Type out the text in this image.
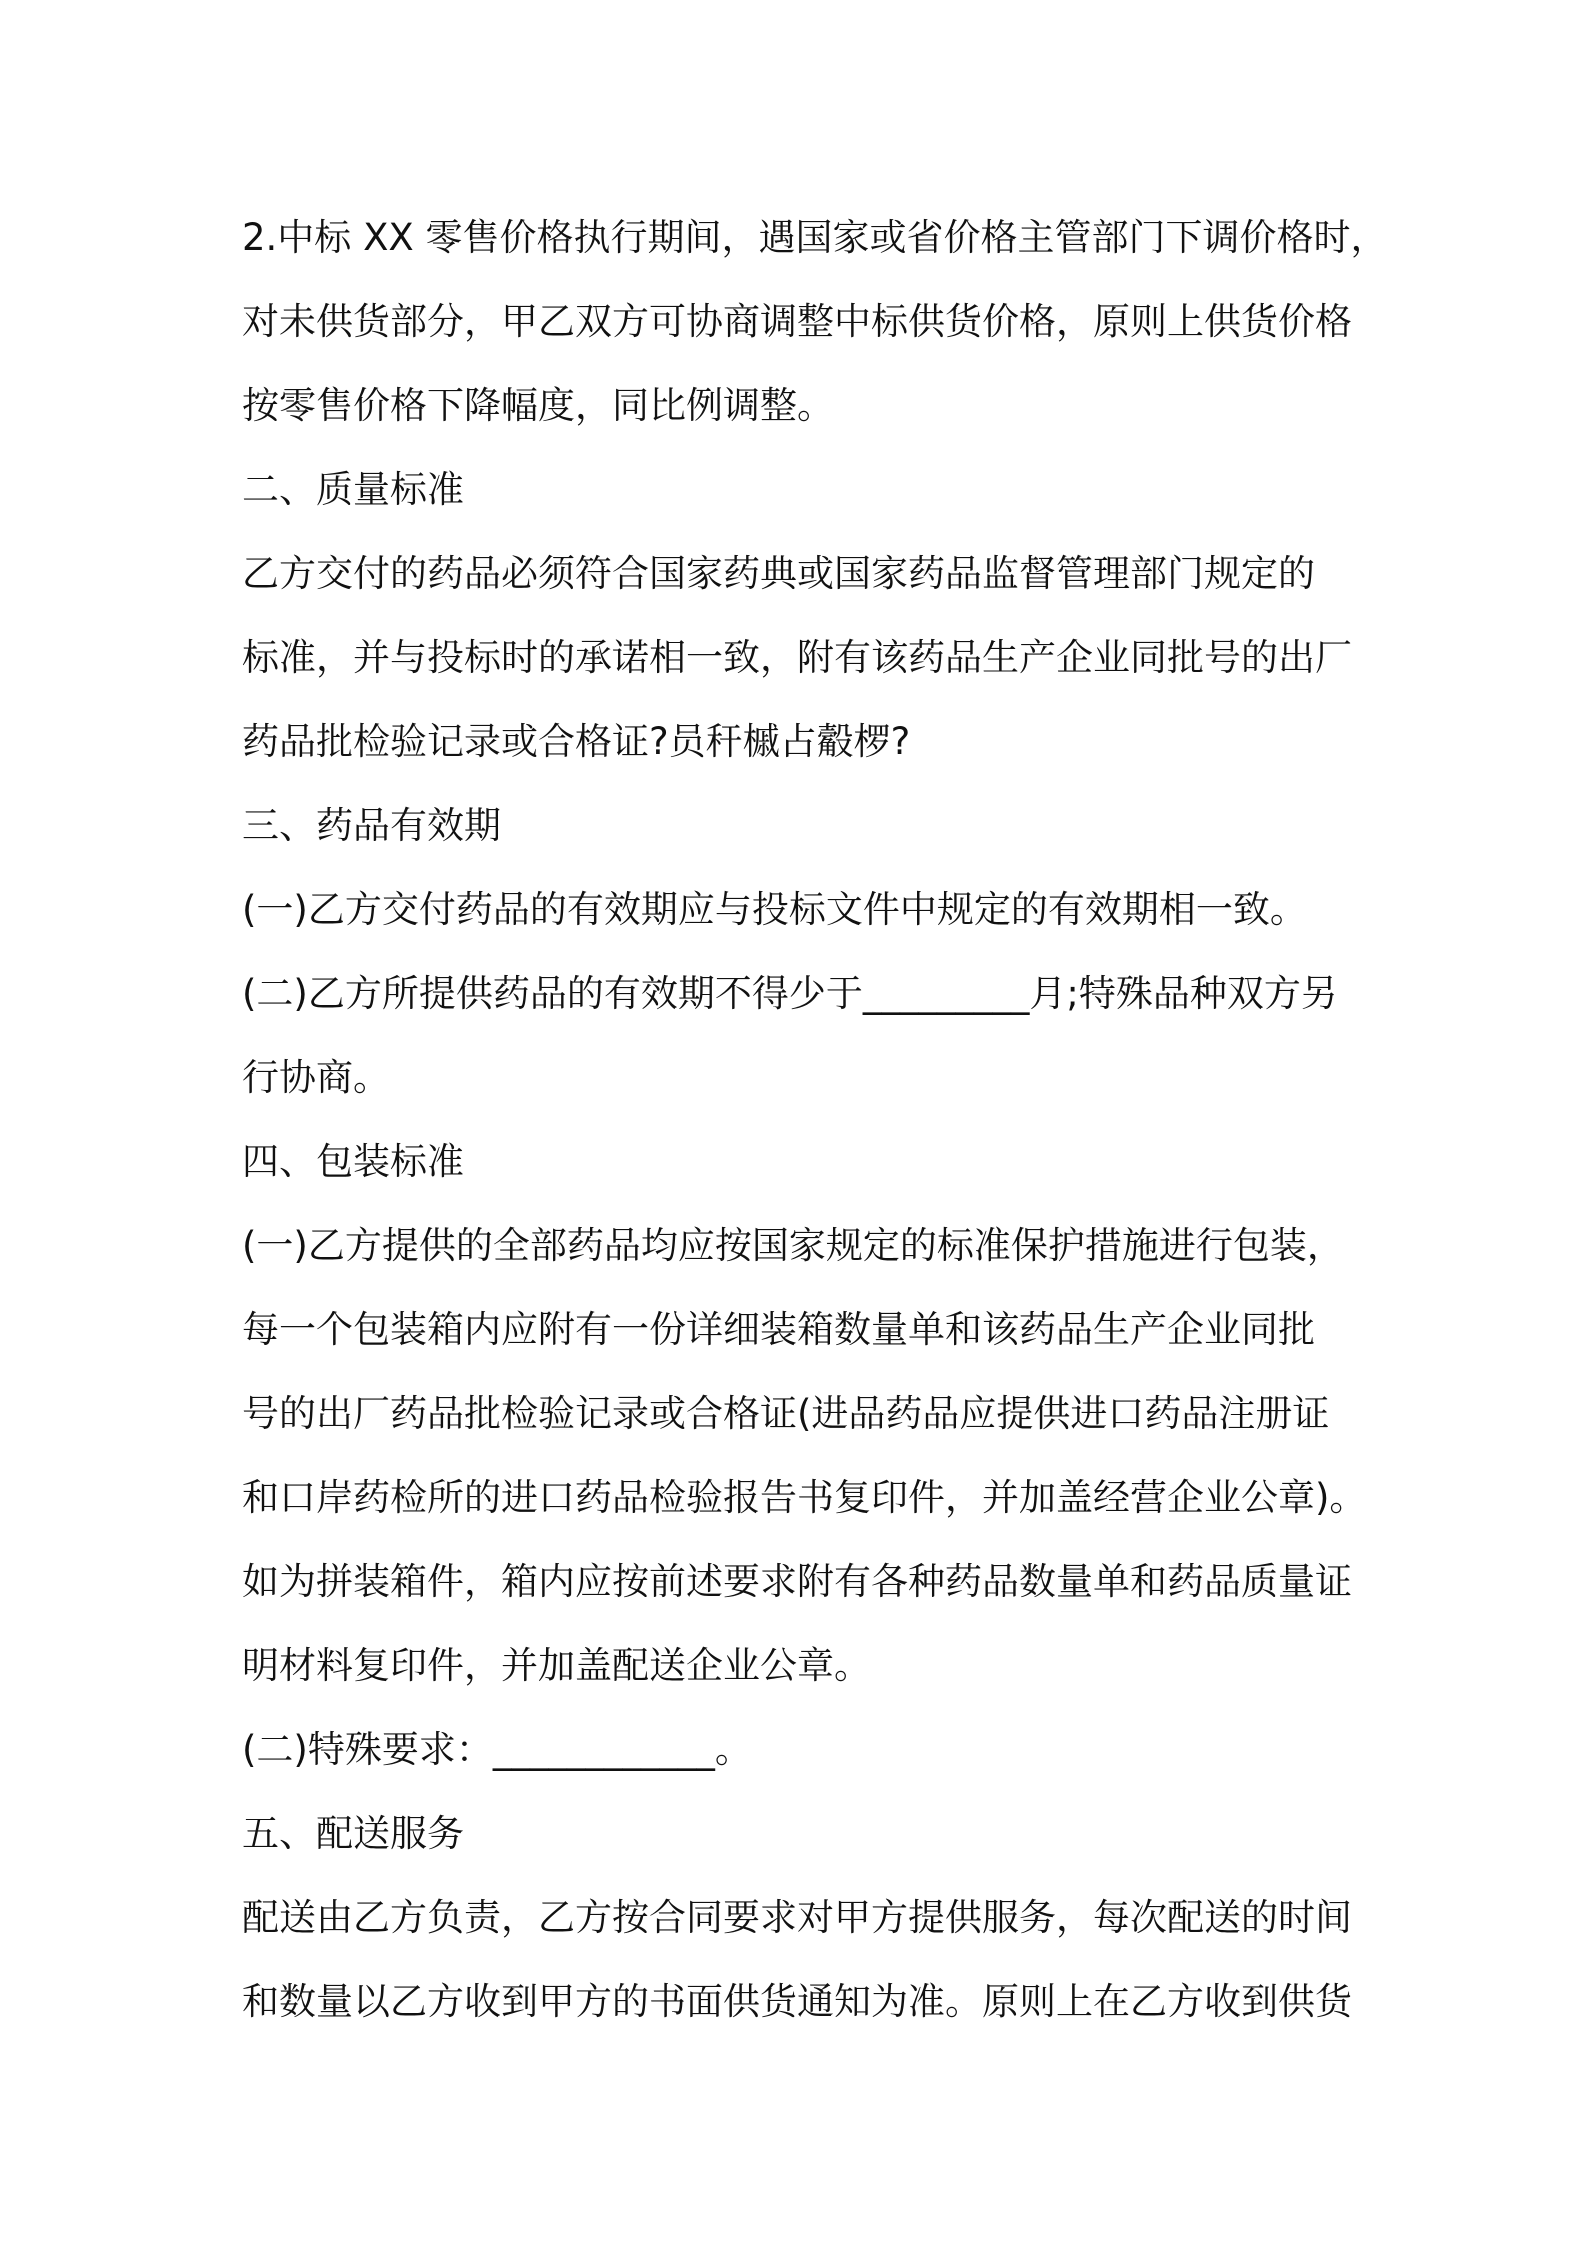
2.中标 XX 零售价格执行期间，遇国家或省价格主管部门下调价格时，
对未供货部分，甲乙双方可协商调整中标供货价格，原则上供货价格
按零售价格下降幅度，同比例调整。
二、质量标准
乙方交付的药品必须符合国家药典或国家药品监督管理部门规定的
标准，并与投标时的承诺相一致，附有该药品生产企业同批号的出厂
药品批检验记录或合格证?员秆槭占觳椤?
三、药品有效期
(一)乙方交付药品的有效期应与投标文件中规定的有效期相一致。
(二)乙方所提供药品的有效期不得少于_________月;特殊品种双方另
行协商。
四、包装标准
(一)乙方提供的全部药品均应按国家规定的标准保护措施进行包装，
每一个包装箱内应附有一份详细装箱数量单和该药品生产企业同批
号的出厂药品批检验记录或合格证(进品药品应提供进口药品注册证
和口岸药检所的进口药品检验报告书复印件，并加盖经营企业公章)。
如为拼装箱件，箱内应按前述要求附有各种药品数量单和药品质量证
明材料复印件，并加盖配送企业公章。
(二)特殊要求：____________。
五、配送服务
配送由乙方负责，乙方按合同要求对甲方提供服务，每次配送的时间
和数量以乙方收到甲方的书面供货通知为准。原则上在乙方收到供货
